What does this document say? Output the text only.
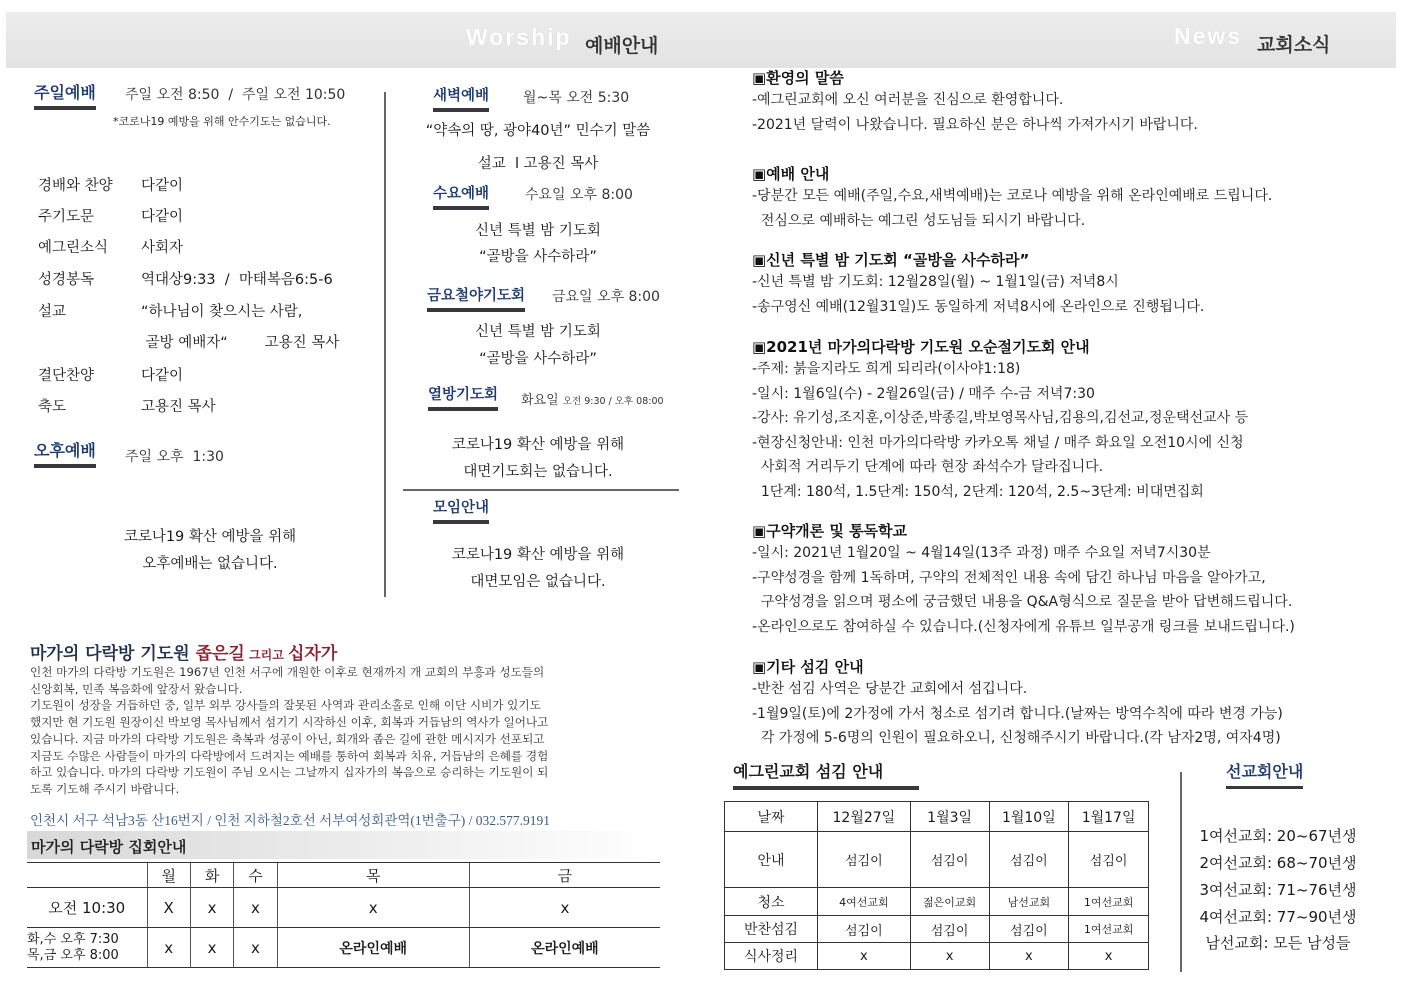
Worship 예배안내	News 교회소식
주일예배 주일 오전 8:50  /  주일 오전 10:50
*코로나19 예방을 위해 안수기도는 없습니다.
경배와 찬양 다같이
주기도문	다같이
예그린소식 사회자
성경봉독	역대상9:33  /  마태복음6:5-6
설교	“하나님이 찾으시는 사람,
골방 예배자“        고용진 목사
결단찬양	다같이
축도	고용진 목사
오후예배 주일 오후  1:30
코로나19 확산 예방을 위해
오후예배는 없습니다.
새벽예배 월~목 오전 5:30
“약속의 땅, 광야40년” 민수기 말씀
설교  l 고용진 목사
수요예배	수요일 오후 8:00
신년 특별 밤 기도회
“골방을 사수하라”
금요철야기도회 금요일 오후 8:00
신년 특별 밤 기도회
“골방을 사수하라”
열방기도회 화요일 오전 9:30 / 오후 08:00
코로나19 확산 예방을 위해
대면기도회는 없습니다.
모임안내
코로나19 확산 예방을 위해
대면모임은 없습니다.
▣환영의 말씀
-예그린교회에 오신 여러분을 진심으로 환영합니다.
-2021년 달력이 나왔습니다. 필요하신 분은 하나씩 가져가시기 바랍니다.
▣예배 안내
-당분간 모든 예배(주일,수요,새벽예배)는 코로나 예방을 위해 온라인예배로 드립니다.
전심으로 예배하는 예그린 성도님들 되시기 바랍니다.
▣신년 특별 밤 기도회 “골방을 사수하라”
-신년 특별 밤 기도회: 12월28일(월) ~ 1월1일(금) 저녁8시
-송구영신 예배(12월31일)도 동일하게 저녁8시에 온라인으로 진행됩니다.
▣2021년 마가의다락방 기도원 오순절기도회 안내
-주제: 붉을지라도 희게 되리라(이사야1:18)
-일시: 1월6일(수) - 2월26일(금) / 매주 수-금 저녁7:30
-강사: 유기성,조지훈,이상준,박종길,박보영목사님,김용의,김선교,정운택선교사 등
-현장신청안내: 인천 마가의다락방 카카오톡 채널 / 매주 화요일 오전10시에 신청
사회적 거리두기 단계에 따라 현장 좌석수가 달라집니다.
1단계: 180석, 1.5단계: 150석, 2단계: 120석, 2.5~3단계: 비대면집회
▣구약개론 및 통독학교
-일시: 2021년 1월20일 ~ 4월14일(13주 과정) 매주 수요일 저녁7시30분
-구약성경을 함께 1독하며, 구약의 전체적인 내용 속에 담긴 하나님 마음을 알아가고,
구약성경을 읽으며 평소에 궁금했던 내용을 Q&A형식으로 질문을 받아 답변해드립니다.
-온라인으로도 참여하실 수 있습니다.(신청자에게 유튜브 일부공개 링크를 보내드립니다.)
▣기타 섬김 안내
-반찬 섬김 사역은 당분간 교회에서 섬깁니다.
-1월9일(토)에 2가정에 가서 청소로 섬기려 합니다.(날짜는 방역수칙에 따라 변경 가능)
각 가정에 5-6명의 인원이 필요하오니, 신청해주시기 바랍니다.(각 남자2명, 여자4명)
마가의 다락방 기도원 좁은길 그리고 십자가
인천 마가의 다락방 기도원은 1967년 인천 서구에 개원한 이후로 현재까지 개 교회의 부흥과 성도들의
신앙회복, 민족 복음화에 앞장서 왔습니다.
기도원이 성장을 거듭하던 중, 일부 외부 강사들의 잘못된 사역과 관리소홀로 인해 이단 시비가 있기도
했지만 현 기도원 원장이신 박보영 목사님께서 섬기기 시작하신 이후, 회복과 거듭남의 역사가 일어나고
있습니다. 지금 마가의 다락방 기도원은 축복과 성공이 아닌, 회개와 좁은 길에 관한 메시지가 선포되고
지금도 수많은 사람들이 마가의 다락방에서 드려지는 예배를 통하여 회복과 치유, 거듭남의 은혜를 경험
하고 있습니다. 마가의 다락방 기도원이 주님 오시는 그날까지 십자가의 복음으로 승리하는 기도원이 되
도록 기도해 주시기 바랍니다.
인천시 서구 석남3동 산16번지 / 인천 지하철2호선 서부여성회관역(1번출구) / 032.577.9191
마가의 다락방 집회안내
	월	화	수	목	금
오전 10:30	X	x	x	x	x

화,수 오후 7:30
목,금 오후 8:00	x	x	x	온라인예배	온라인예배
예그린교회 섬김 안내
날짜	12월27일	1월3일	1월10일	1월17일
안내	섬김이	섬김이	섬김이	섬김이
청소	4여선교회	젊은이교회	남선교회	1여선교회
반찬섬김	섬김이	섬김이	섬김이	1여선교회
식사정리	x	x	x	x
선교회안내
1여선교회: 20~67년생
2여선교회: 68~70년생
3여선교회: 71~76년생
4여선교회: 77~90년생
남선교회: 모든 남성들
